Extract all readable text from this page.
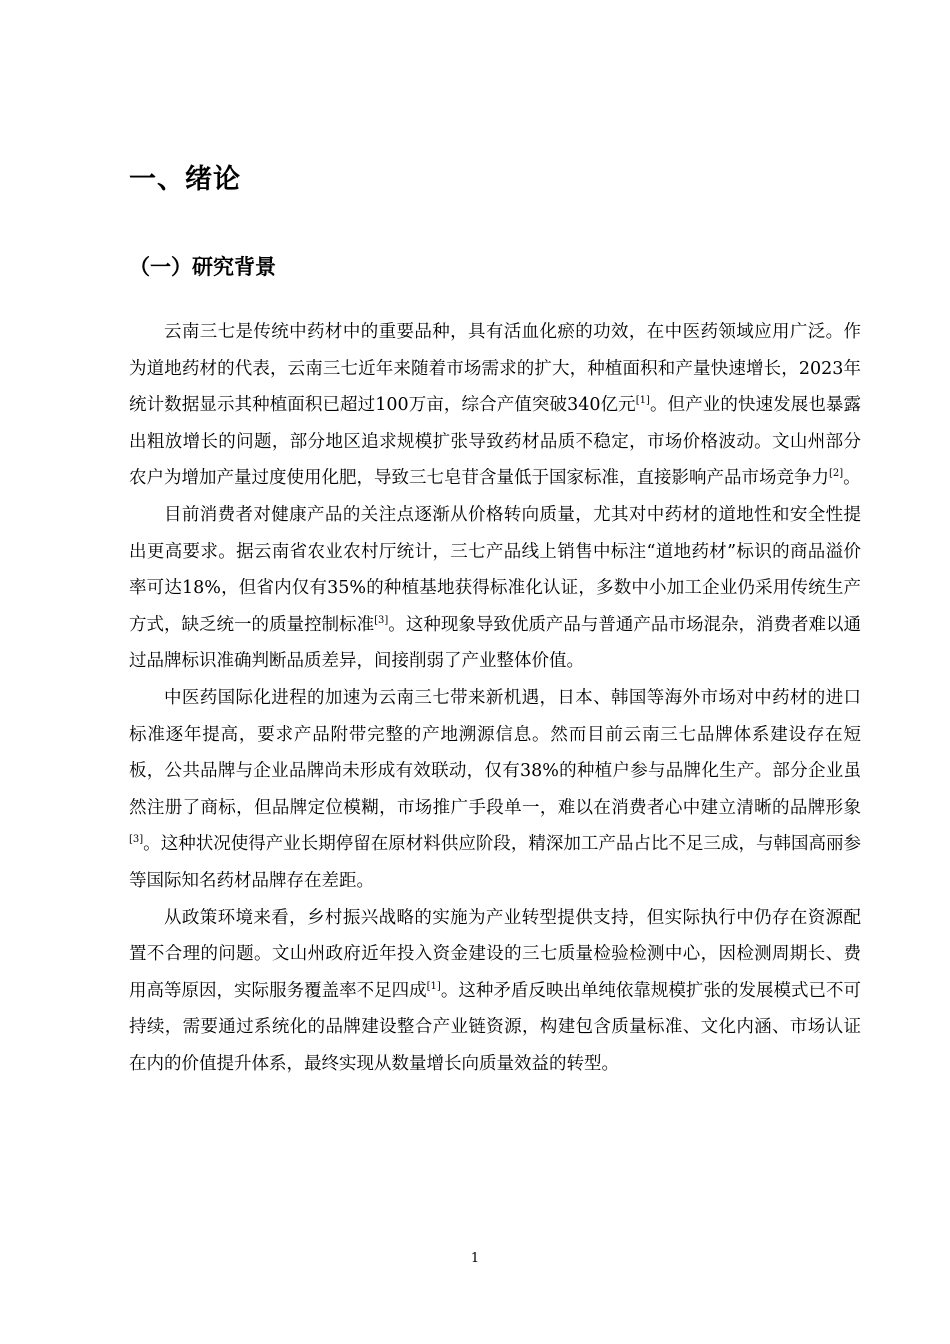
一、绪论
（一）研究背景

云南三七是传统中药材中的重要品种，具有活血化瘀的功效，在中医药领域应用广泛。作为道地药材的代表，云南三七近年来随着市场需求的扩大，种植面积和产量快速增长，2023年统计数据显示其种植面积已超过100万亩，综合产值突破340亿元[1]。但产业的快速发展也暴露出粗放增长的问题，部分地区追求规模扩张导致药材品质不稳定，市场价格波动。文山州部分农户为增加产量过度使用化肥，导致三七皂苷含量低于国家标准，直接影响产品市场竞争力[2]。

目前消费者对健康产品的关注点逐渐从价格转向质量，尤其对中药材的道地性和安全性提出更高要求。据云南省农业农村厅统计，三七产品线上销售中标注“道地药材”标识的商品溢价率可达18%，但省内仅有35%的种植基地获得标准化认证，多数中小加工企业仍采用传统生产方式，缺乏统一的质量控制标准[3]。这种现象导致优质产品与普通产品市场混杂，消费者难以通过品牌标识准确判断品质差异，间接削弱了产业整体价值。

中医药国际化进程的加速为云南三七带来新机遇，日本、韩国等海外市场对中药材的进口标准逐年提高，要求产品附带完整的产地溯源信息。然而目前云南三七品牌体系建设存在短板，公共品牌与企业品牌尚未形成有效联动，仅有38%的种植户参与品牌化生产。部分企业虽然注册了商标，但品牌定位模糊，市场推广手段单一，难以在消费者心中建立清晰的品牌形象[3]。这种状况使得产业长期停留在原材料供应阶段，精深加工产品占比不足三成，与韩国高丽参等国际知名药材品牌存在差距。

从政策环境来看，乡村振兴战略的实施为产业转型提供支持，但实际执行中仍存在资源配置不合理的问题。文山州政府近年投入资金建设的三七质量检验检测中心，因检测周期长、费用高等原因，实际服务覆盖率不足四成[1]。这种矛盾反映出单纯依靠规模扩张的发展模式已不可持续，需要通过系统化的品牌建设整合产业链资源，构建包含质量标准、文化内涵、市场认证在内的价值提升体系，最终实现从数量增长向质量效益的转型。

1
